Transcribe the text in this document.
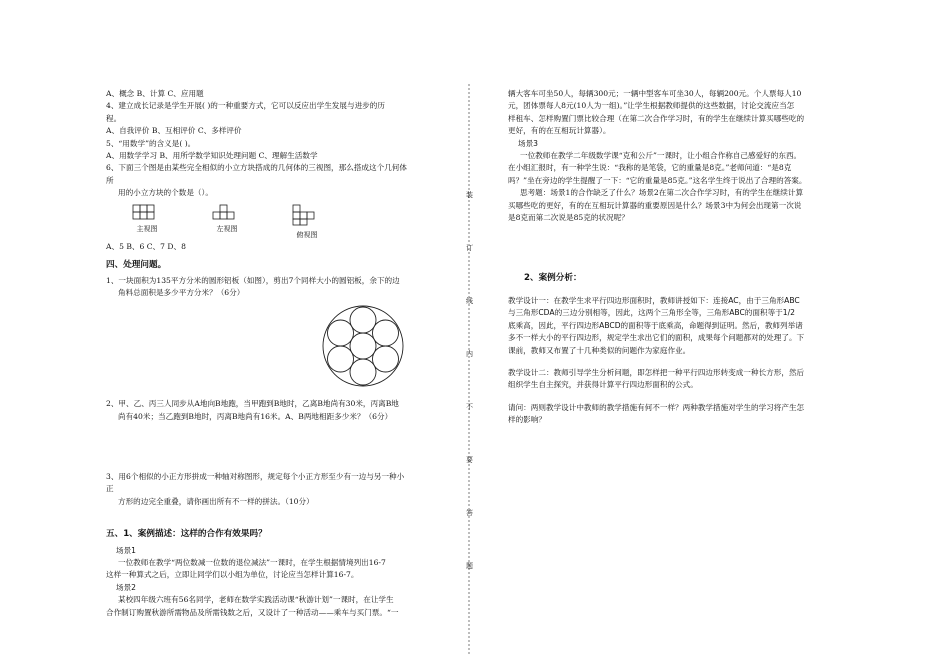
A、概念 B、计算 C、应用题
4、建立成长记录是学生开展( )的一种重要方式，它可以反应出学生发展与进步的历
程。
A、自我评价 B、互相评价 C、多样评价
5、“用数学”的含义是( )。
A、用数学学习 B、用所学数学知识处理问题 C、理解生活数学
6、下面三个图是由某些完全相似的小立方块搭成的几何体的三视图，那么搭成这个几何体
所
用的小立方块的个数是（）。
主视图	左视图
俯视图
A、5 B、6 C、7 D、8
四、处理问题。
1、一块面积为135平方分米的圆形铝板（如图），剪出7个同样大小的圆铝板，余下的边
角料总面积是多少平方分米？（6分）
2、甲、乙、丙三人同步从A地向B地跑，当甲跑到B地时，乙离B地尚有30米，丙离B地
尚有40米；当乙跑到B地时，丙离B地尚有16米。A、B两地相距多少米？（6分）
3、用6个相似的小正方形拼成一种轴对称图形，规定每个小正方形至少有一边与另一种小
正
方形的边完全重叠，请你画出所有不一样的拼法。（10分）
五、1、案例描述：这样的合作有效果吗？
场景1
一位教师在教学“两位数减一位数的退位减法”一课时，在学生根据情境列出16-7
这样一种算式之后，立即让同学们以小组为单位，讨论应当怎样计算16-7。
场景2
某校四年级六班有56名同学，老师在数学实践活动课“秋游计划”一课时，在让学生
合作制订购置秋游所需物品及所需钱数之后，又设计了一种活动——乘车与买门票。“一
装
订
线
内
不
要
答
题
辆大客车可坐50人，每辆300元；一辆中型客车可坐30人，每辆200元。个人票每人10
元，团体票每人8元(10人为一组)。”让学生根据教师提供的这些数据，讨论交流应当怎
样租车、怎样购置门票比较合理（在第二次合作学习时，有的学生在继续计算买哪些吃的
更好，有的在互相玩计算器）。
场景3
一位教师在教学二年级数学课“克和公斤”一课时，让小组合作称自己感爱好的东西。
在小组汇报时，有一种学生说：“我称的是笔袋，它的重量是8克。”老师问道：“是8克
吗？”坐在旁边的学生提醒了一下：“它的重量是85克。”这名学生终于说出了合理的答案。
思考题：场景1的合作缺乏了什么？场景2在第二次合作学习时，有的学生在继续计算
买哪些吃的更好，有的在互相玩计算器的重要原因是什么？场景3中为何会出现第一次说
是8克而第二次说是85克的状况呢？
2、案例分析：
教学设计一：在教学生求平行四边形面积时，教师讲授如下：连接AC，由于三角形ABC
与三角形CDA的三边分别相等，因此，这两个三角形全等，三角形ABC的面积等于1/2
底乘高，因此，平行四边形ABCD的面积等于底乘高，命题得到证明。然后，教师列举诸
多不一样大小的平行四边形，规定学生求出它们的面积，成果每个问题都对的处理了。下
课前，教师又布置了十几种类似的问题作为家庭作业。
教学设计二：教师引导学生分析问题，即怎样把一种平行四边形转变成一种长方形，然后
组织学生自主探究，并获得计算平行四边形面积的公式。
请问：两则教学设计中教师的教学措施有何不一样？两种教学措施对学生的学习将产生怎
样的影响？
